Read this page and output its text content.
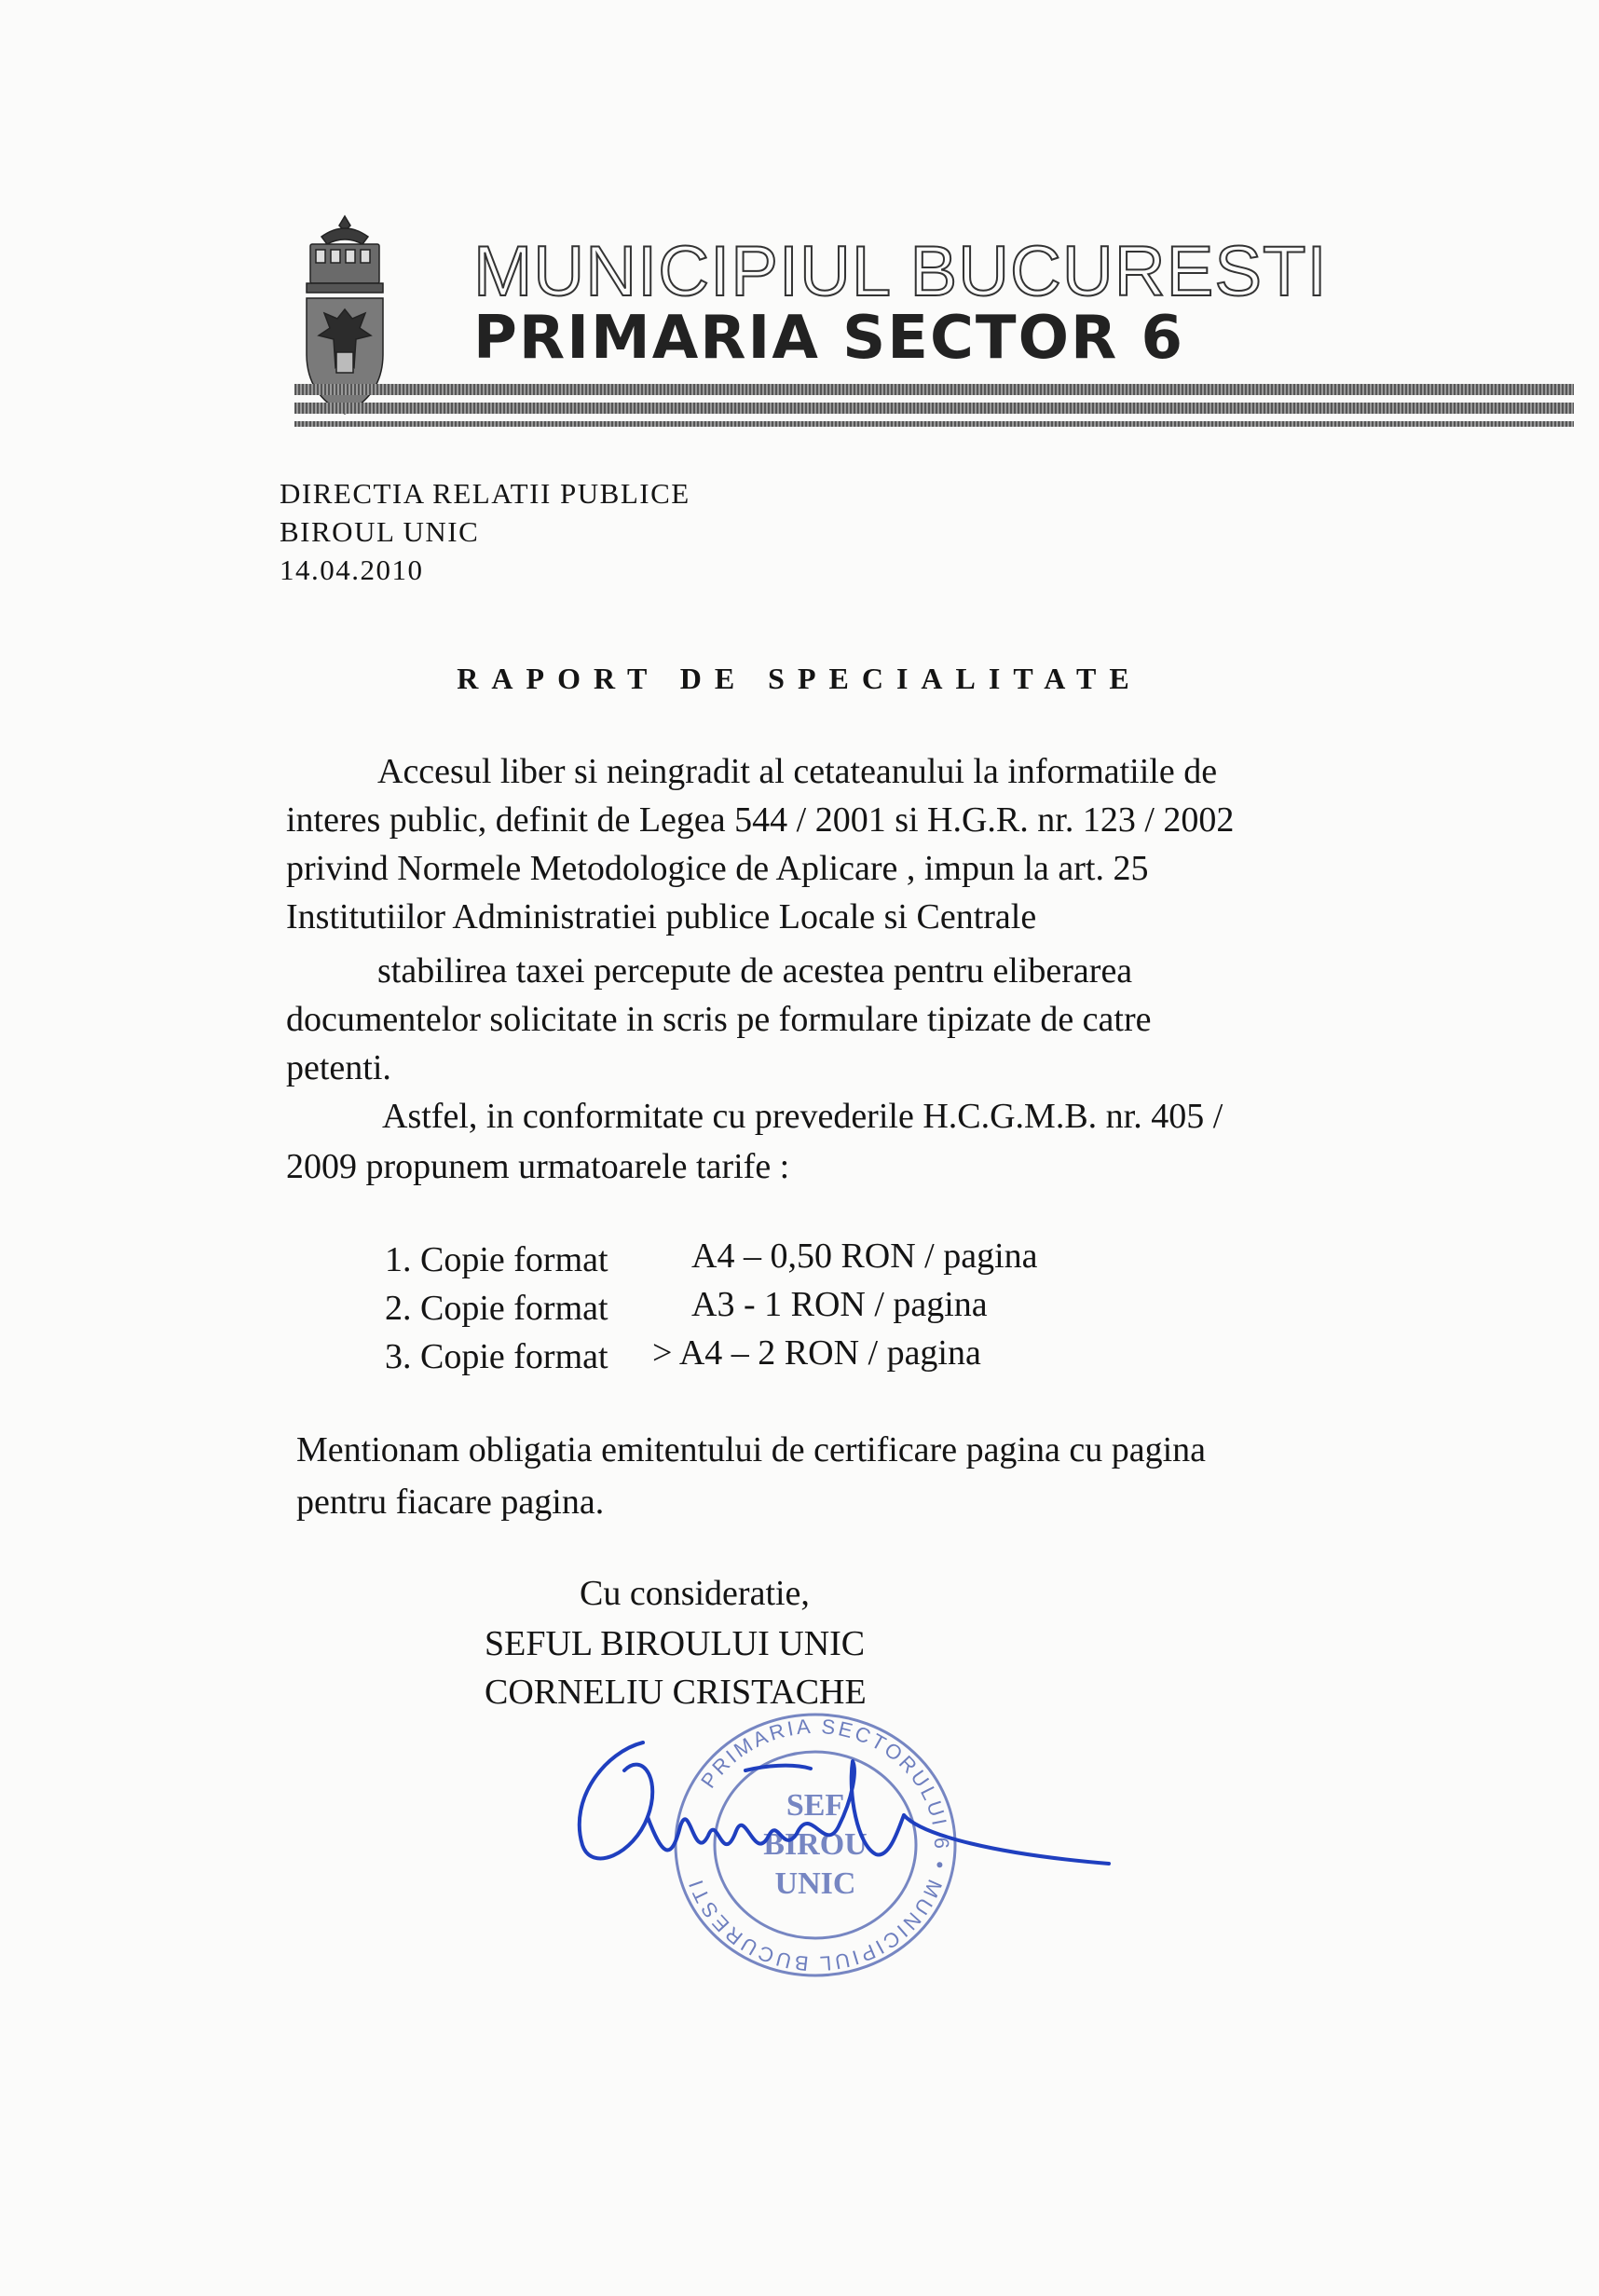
MUNICIPIUL BUCURESTI
PRIMARIA SECTOR 6
DIRECTIA RELATII PUBLICE
BIROUL UNIC
14.04.2010
RAPORT DE SPECIALITATE
Accesul liber si neingradit al cetateanului la informatiile de
interes public, definit de Legea 544 / 2001 si H.G.R. nr. 123 / 2002
privind Normele Metodologice de Aplicare , impun la art. 25
Institutiilor Administratiei publice Locale si Centrale
stabilirea taxei percepute de acestea pentru eliberarea
documentelor solicitate in scris pe formulare tipizate de catre
petenti.
Astfel, in conformitate cu prevederile H.C.G.M.B. nr. 405 /
2009 propunem urmatoarele tarife :
1. Copie format A4 – 0,50 RON / pagina
2. Copie format A3 - 1 RON / pagina
3. Copie format > A4 – 2 RON / pagina
Mentionam obligatia emitentului de certificare pagina cu pagina
pentru fiacare pagina.
Cu consideratie,
SEFUL BIROULUI UNIC
CORNELIU CRISTACHE
PRIMARIA SECTORULUI 6 • MUNICIPIUL BUCURESTI
SEF
BIROU
UNIC
